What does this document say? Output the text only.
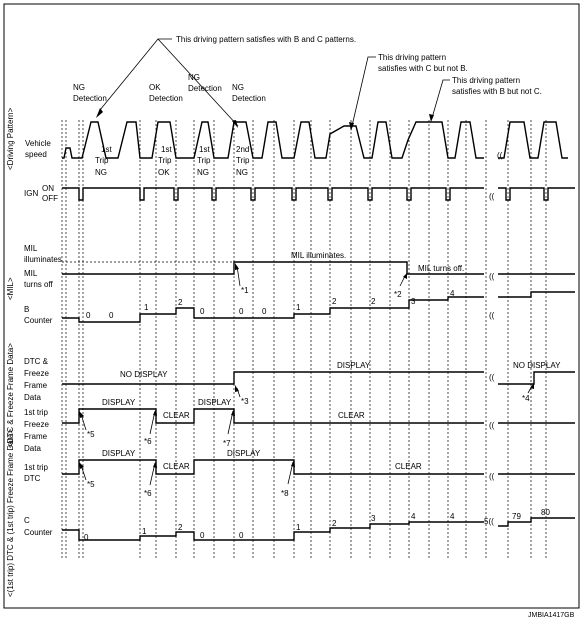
<Driving Pattern>
<MIL>
<DTC & Freeze Frame Data>
<(1st trip) DTC & (1st trip) Freeze Frame Data>
Vehicle
speed
IGN
ON
OFF
MIL
illuminates
MIL
turns off
B
Counter
DTC &
Freeze
Frame
Data
1st trip
Freeze
Frame
Data
1st trip
DTC
C
Counter
This driving pattern satisfies with B and C patterns.
This driving pattern
satisfies with C but not B.
This driving pattern
satisfies with B but not C.
NG
Detection
OK
Detection
NG
Detection NG
Detection
((
1st
Trip
NG
1st
Trip
OK
1st
Trip
NG
2nd
Trip
NG
((
((
MIL illuminates.
MIL turns off.
*1	*2
((
0 0
1
2
0	0 0	1
2	2	3
4
((
NO DISPLAY
DISPLAY	NO DISPLAY
*3	*4
((
DISPLAY
CLEAR
DISPLAY
CLEAR
*5
*6	*7
((
DISPLAY
CLEAR
DISPLAY
CLEAR
*5
*6	*8
5((
0
1	2
0	0
1	2
3	4	4	79	80
JMBIA1417GB
